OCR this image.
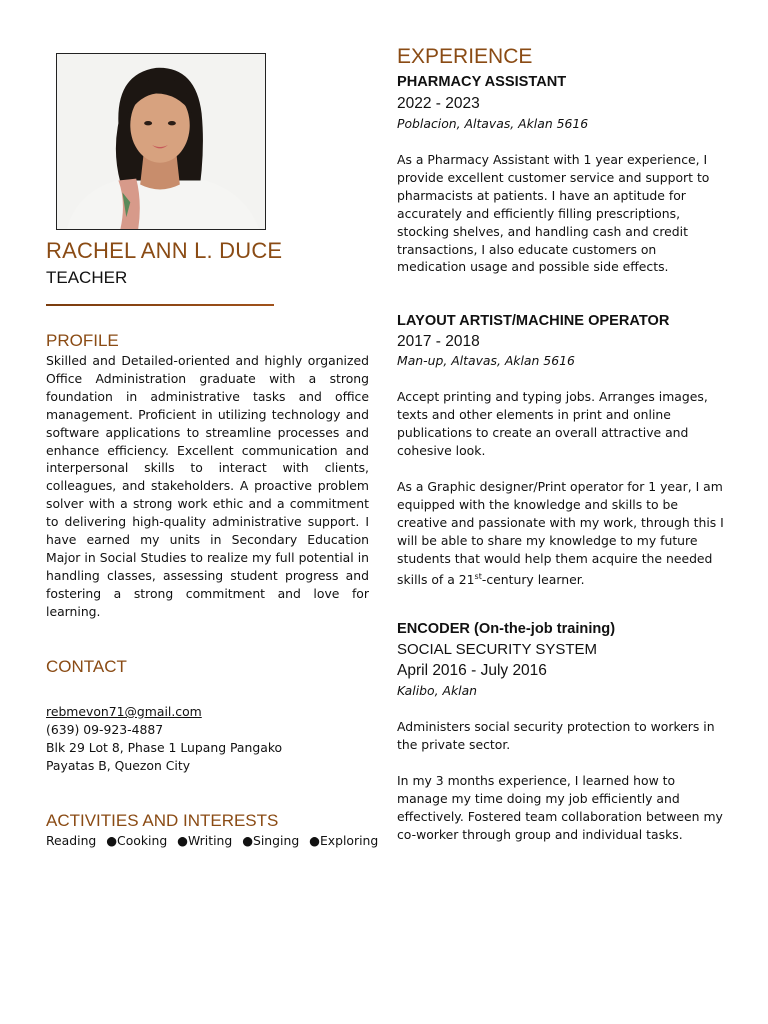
RACHEL ANN L. DUCE
TEACHER
PROFILE
Skilled and Detailed-oriented and highly organized Office Administration graduate with a strong foundation in administrative tasks and office management. Proficient in utilizing technology and software applications to streamline processes and enhance efficiency. Excellent communication and interpersonal skills to interact with clients, colleagues, and stakeholders. A proactive problem solver with a strong work ethic and a commitment to delivering high-quality administrative support. I have earned my units in Secondary Education Major in Social Studies to realize my full potential in handling classes, assessing student progress and fostering a strong commitment and love for learning.
CONTACT
rebmevon71@gmail.com
(639) 09-923-4887
Blk 29 Lot 8, Phase 1 Lupang Pangako
Payatas B, Quezon City
ACTIVITIES AND INTERESTS
Reading ●Cooking ●Writing ●Singing ●Exploring
EXPERIENCE
PHARMACY ASSISTANT
2022 - 2023
Poblacion, Altavas, Aklan 5616
As a Pharmacy Assistant with 1 year experience, I provide excellent customer service and support to pharmacists at patients. I have an aptitude for accurately and efficiently filling prescriptions, stocking shelves, and handling cash and credit transactions, I also educate customers on medication usage and possible side effects.
LAYOUT ARTIST/MACHINE OPERATOR
2017 - 2018
Man-up, Altavas, Aklan 5616
Accept printing and typing jobs. Arranges images, texts and other elements in print and online publications to create an overall attractive and cohesive look.
As a Graphic designer/Print operator for 1 year, I am equipped with the knowledge and skills to be creative and passionate with my work, through this I will be able to share my knowledge to my future students that would help them acquire the needed skills of a 21st-century learner.
ENCODER (On-the-job training)
SOCIAL SECURITY SYSTEM
April 2016 - July 2016
Kalibo, Aklan
Administers social security protection to workers in the private sector.
In my 3 months experience, I learned how to manage my time doing my job efficiently and effectively. Fostered team collaboration between my co-worker through group and individual tasks.
